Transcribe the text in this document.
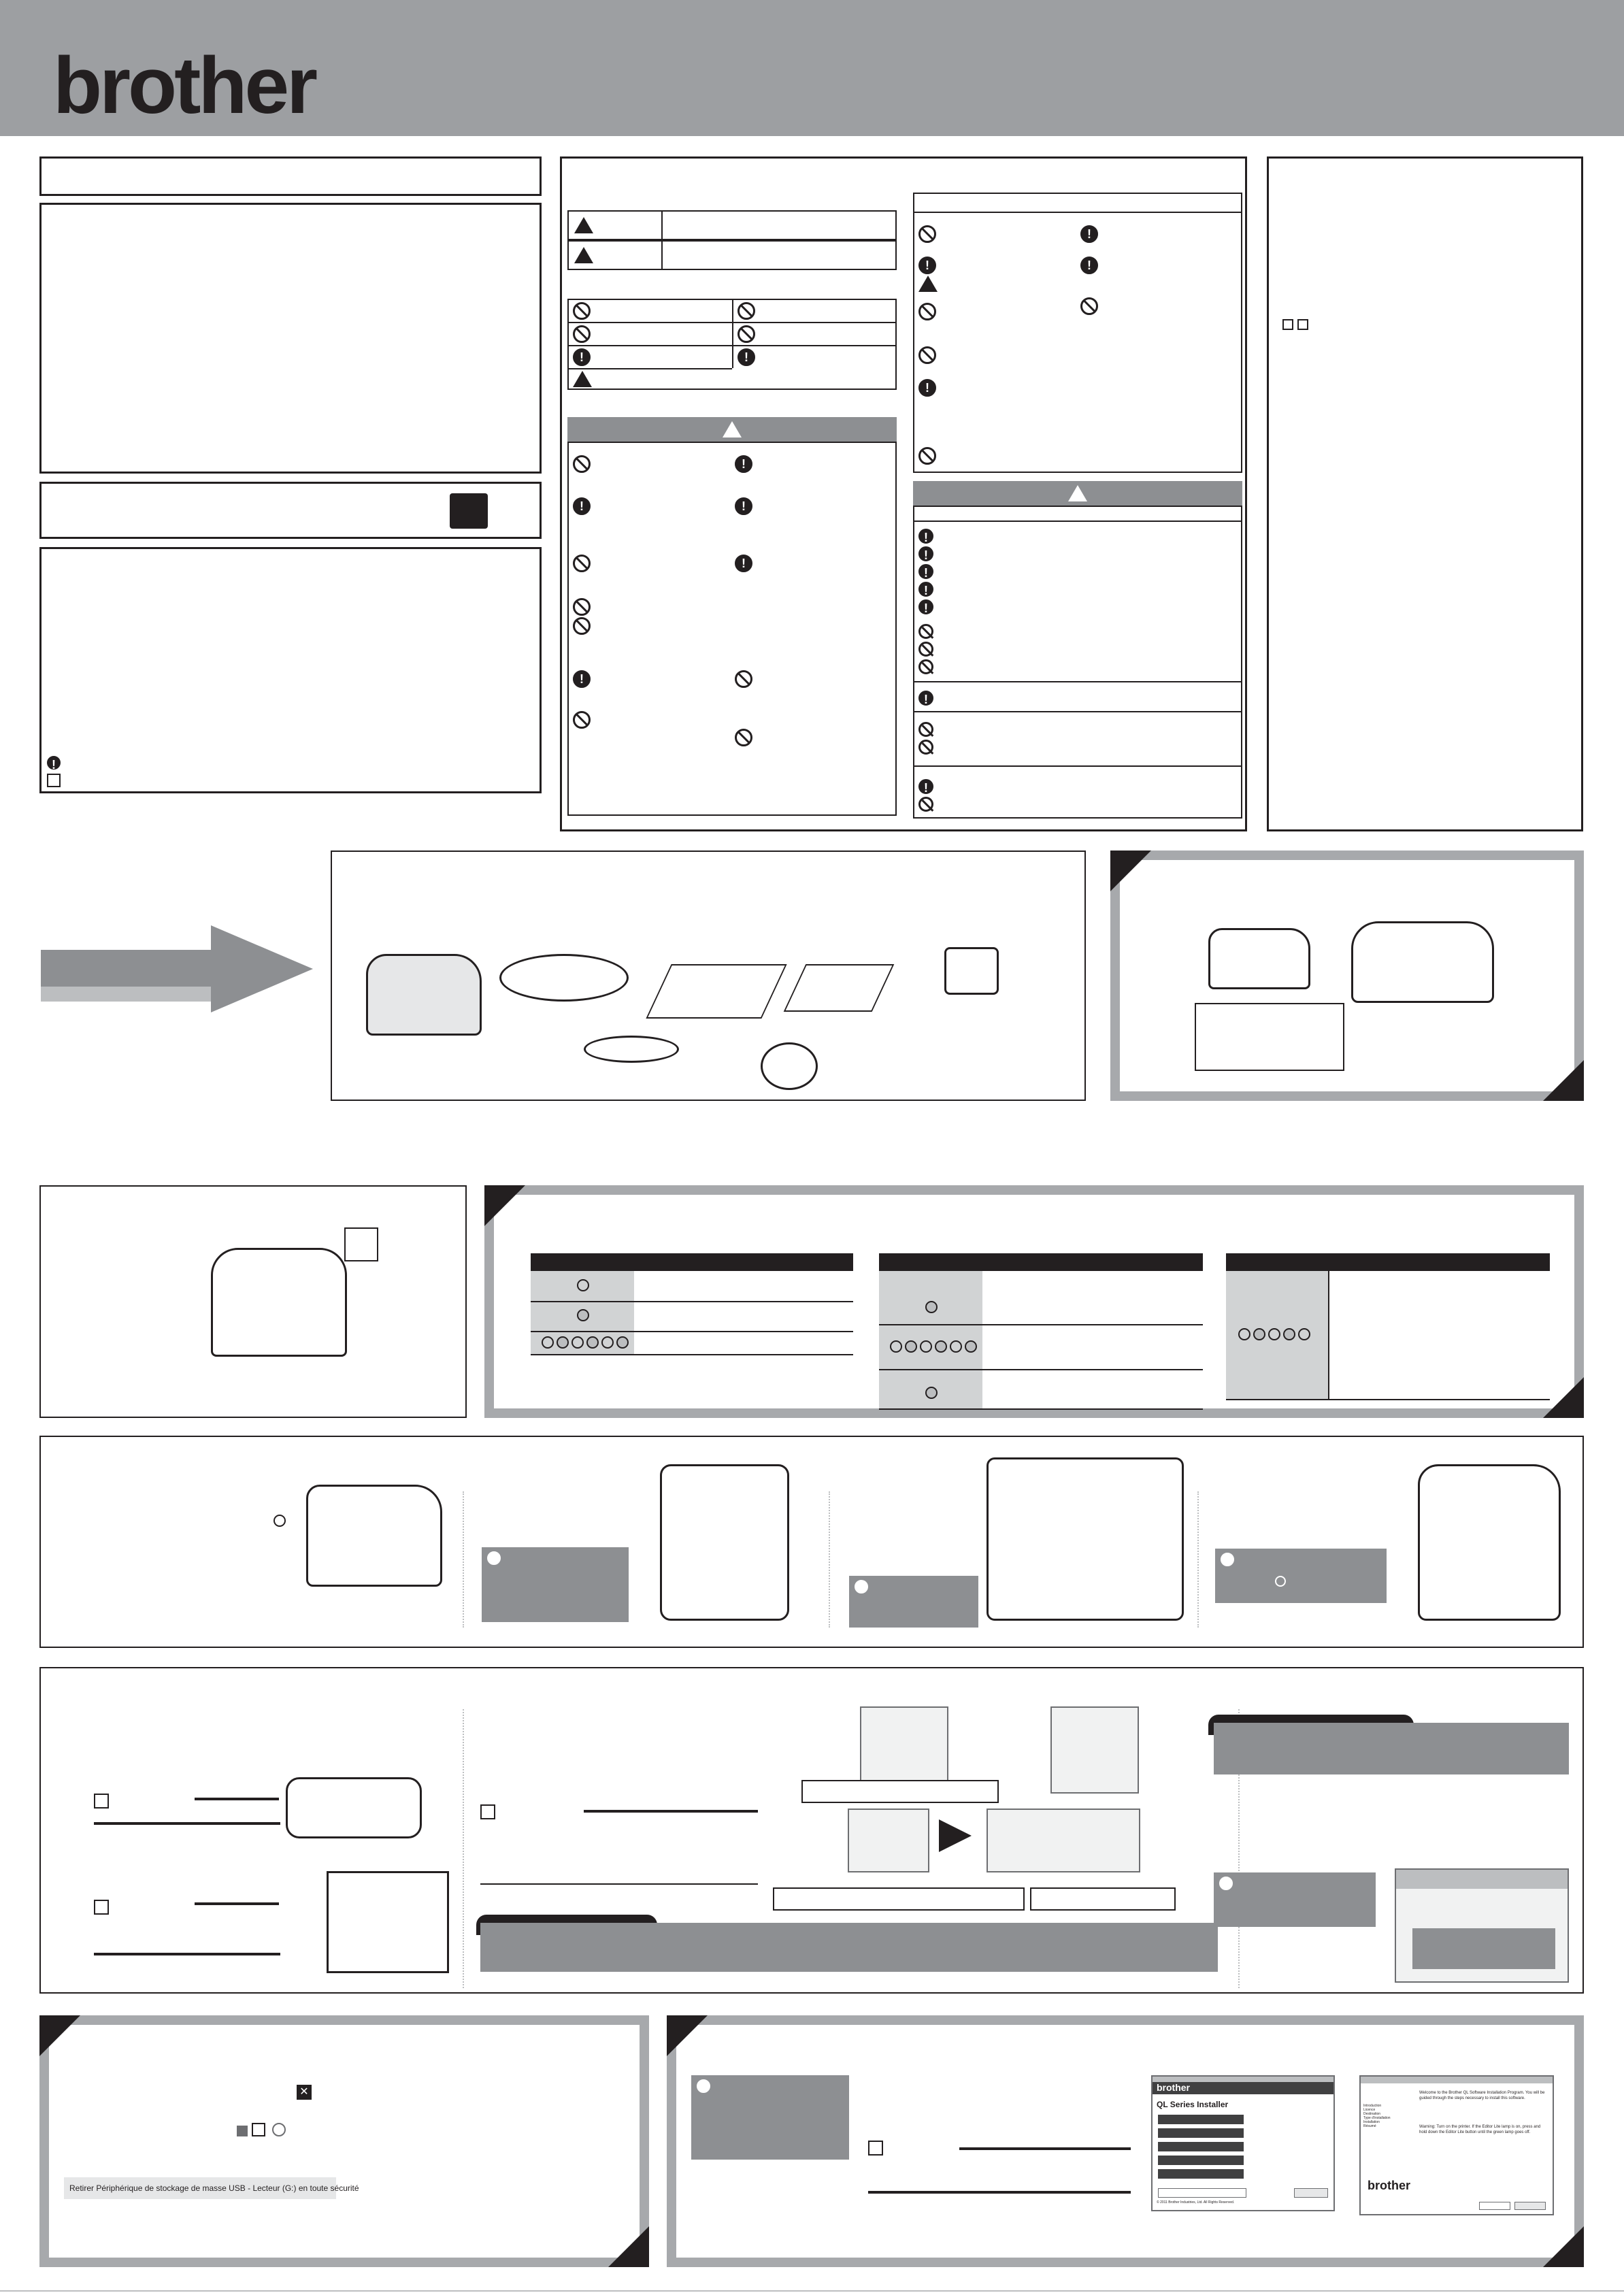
brother
!
!
!
!
!
!
!
!
!
!
!
!
!
!
!
!
!
!
!
!
!
!
!
✕
Retirer Périphérique de stockage de masse USB - Lecteur (G:) en toute sécurité
!
brother
QL Series Installer
© 2011 Brother Industries, Ltd. All Rights Reserved.
Introduction
Licence
Destination
Type d'installation
Installation
Résumé
Welcome to the Brother QL Software Installation Program. You will be guided through the steps necessary to install this software.
Warning: Turn on the printer. If the Editor Lite lamp is on, press and hold down the Editor Lite button until the green lamp goes off.
brother
